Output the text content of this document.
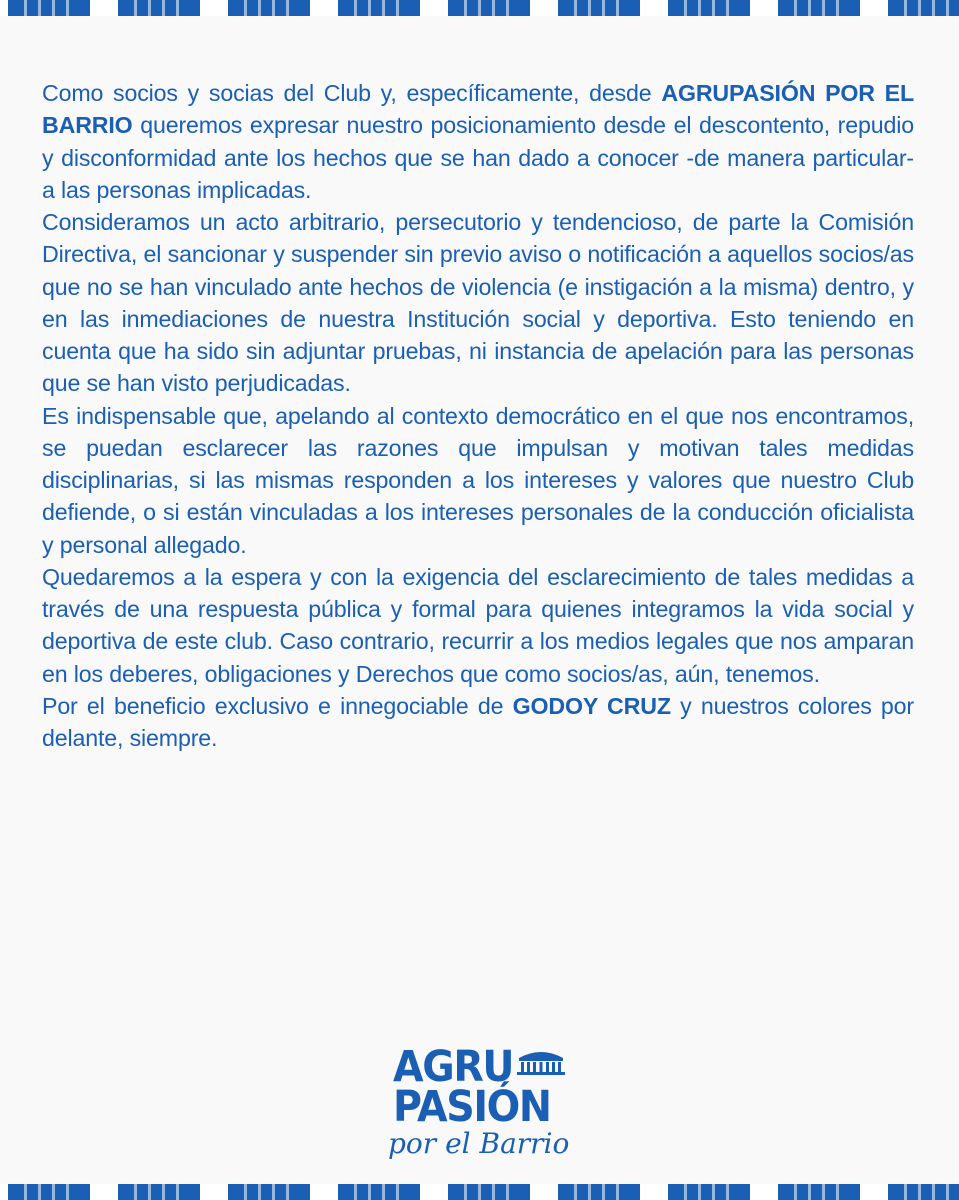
Como socios y socias del Club y, específicamente, desde AGRUPASIÓN POR EL BARRIO queremos expresar nuestro posicionamiento desde el descontento, repudio y disconformidad ante los hechos que se han dado a conocer -de manera particular- a las personas implicadas.

Consideramos un acto arbitrario, persecutorio y tendencioso, de parte la Comisión Directiva, el sancionar y suspender sin previo aviso o notificación a aquellos socios/as que no se han vinculado ante hechos de violencia (e instigación a la misma) dentro, y en las inmediaciones de nuestra Institución social y deportiva. Esto teniendo en cuenta que ha sido sin adjuntar pruebas, ni instancia de apelación para las personas que se han visto perjudicadas.

Es indispensable que, apelando al contexto democrático en el que nos encontramos, se puedan esclarecer las razones que impulsan y motivan tales medidas disciplinarias, si las mismas responden a los intereses y valores que nuestro Club defiende, o si están vinculadas a los intereses personales de la conducción oficialista y personal allegado.

Quedaremos a la espera y con la exigencia del esclarecimiento de tales medidas a través de una respuesta pública y formal para quienes integramos la vida social y deportiva de este club. Caso contrario, recurrir a los medios legales que nos amparan en los deberes, obligaciones y Derechos que como socios/as, aún, tenemos.

Por el beneficio exclusivo e innegociable de GODOY CRUZ y nuestros colores por delante, siempre.

AGRU
PASIÓN
por el Barrio
